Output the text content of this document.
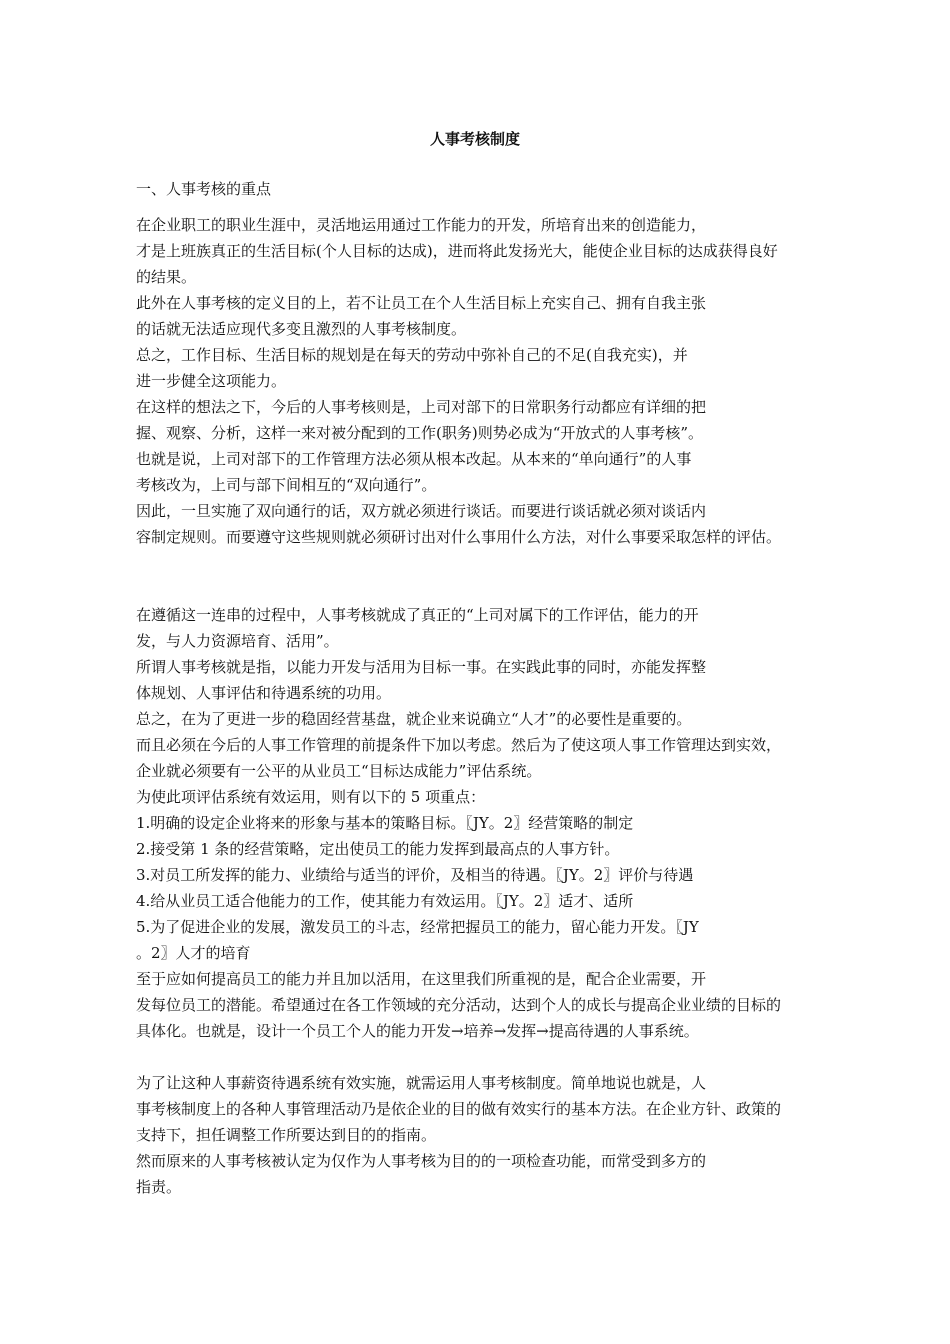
人事考核制度

一、人事考核的重点

在企业职工的职业生涯中，灵活地运用通过工作能力的开发，所培育出来的创造能力，
才是上班族真正的生活目标(个人目标的达成)，进而将此发扬光大，能使企业目标的达成获得良好
的结果。
此外在人事考核的定义目的上，若不让员工在个人生活目标上充实自己、拥有自我主张
的话就无法适应现代多变且激烈的人事考核制度。
总之，工作目标、生活目标的规划是在每天的劳动中弥补自己的不足(自我充实)，并
进一步健全这项能力。
在这样的想法之下，今后的人事考核则是，上司对部下的日常职务行动都应有详细的把
握、观察、分析，这样一来对被分配到的工作(职务)则势必成为“开放式的人事考核”。
也就是说，上司对部下的工作管理方法必须从根本改起。从本来的“单向通行”的人事
考核改为，上司与部下间相互的“双向通行”。
因此，一旦实施了双向通行的话，双方就必须进行谈话。而要进行谈话就必须对谈话内
容制定规则。而要遵守这些规则就必须研讨出对什么事用什么方法，对什么事要采取怎样的评估。
在遵循这一连串的过程中，人事考核就成了真正的“上司对属下的工作评估，能力的开
发，与人力资源培育、活用”。
所谓人事考核就是指，以能力开发与活用为目标一事。在实践此事的同时，亦能发挥整
体规划、人事评估和待遇系统的功用。
总之，在为了更进一步的稳固经营基盘，就企业来说确立“人才”的必要性是重要的。
而且必须在今后的人事工作管理的前提条件下加以考虑。然后为了使这项人事工作管理达到实效，
企业就必须要有一公平的从业员工“目标达成能力”评估系统。
为使此项评估系统有效运用，则有以下的 5 项重点：
1.明确的设定企业将来的形象与基本的策略目标。〖JY。2〗经营策略的制定
2.接受第 1 条的经营策略，定出使员工的能力发挥到最高点的人事方针。
3.对员工所发挥的能力、业绩给与适当的评价，及相当的待遇。〖JY。2〗评价与待遇
4.给从业员工适合他能力的工作，使其能力有效运用。〖JY。2〗适才、适所
5.为了促进企业的发展，激发员工的斗志，经常把握员工的能力，留心能力开发。〖JY
。2〗人才的培育
至于应如何提高员工的能力并且加以活用，在这里我们所重视的是，配合企业需要，开
发每位员工的潜能。希望通过在各工作领域的充分活动，达到个人的成长与提高企业业绩的目标的
具体化。也就是，设计一个员工个人的能力开发→培养→发挥→提高待遇的人事系统。
为了让这种人事薪资待遇系统有效实施，就需运用人事考核制度。简单地说也就是，人
事考核制度上的各种人事管理活动乃是依企业的目的做有效实行的基本方法。在企业方针、政策的
支持下，担任调整工作所要达到目的的指南。
然而原来的人事考核被认定为仅作为人事考核为目的的一项检查功能，而常受到多方的
指责。
